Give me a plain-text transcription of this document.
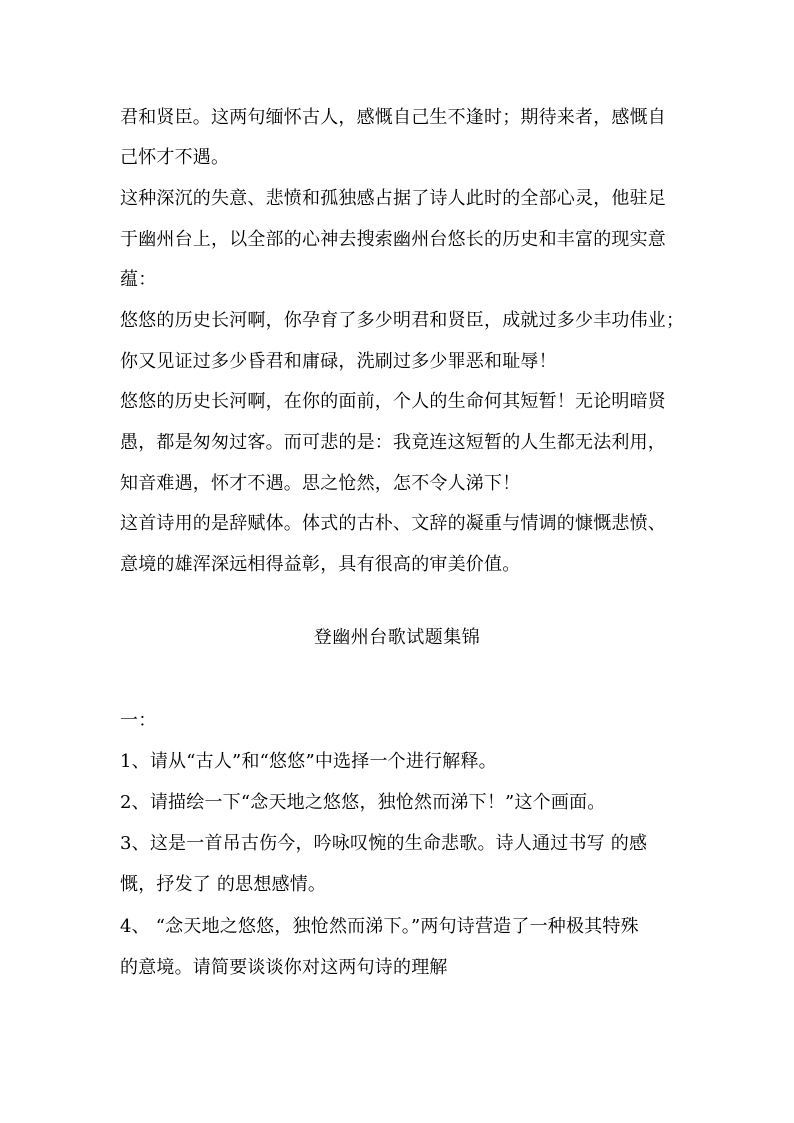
君和贤臣。这两句缅怀古人，感慨自己生不逢时；期待来者，感慨自
己怀才不遇。
这种深沉的失意、悲愤和孤独感占据了诗人此时的全部心灵，他驻足
于幽州台上，以全部的心神去搜索幽州台悠长的历史和丰富的现实意
蕴：
悠悠的历史长河啊，你孕育了多少明君和贤臣，成就过多少丰功伟业；
你又见证过多少昏君和庸碌，洗刷过多少罪恶和耻辱！
悠悠的历史长河啊，在你的面前，个人的生命何其短暂！无论明暗贤
愚，都是匆匆过客。而可悲的是：我竟连这短暂的人生都无法利用，
知音难遇，怀才不遇。思之怆然，怎不令人涕下！
这首诗用的是辞赋体。体式的古朴、文辞的凝重与情调的慷慨悲愤、
意境的雄浑深远相得益彰，具有很高的审美价值。
登幽州台歌试题集锦
一：
1、请从“古人”和“悠悠”中选择一个进行解释。
2、请描绘一下“念天地之悠悠，独怆然而涕下！”这个画面。
3、这是一首吊古伤今，吟咏叹惋的生命悲歌。诗人通过书写 的感
慨，抒发了 的思想感情。
4、 “念天地之悠悠，独怆然而涕下。”两句诗营造了一种极其特殊
的意境。请简要谈谈你对这两句诗的理解
